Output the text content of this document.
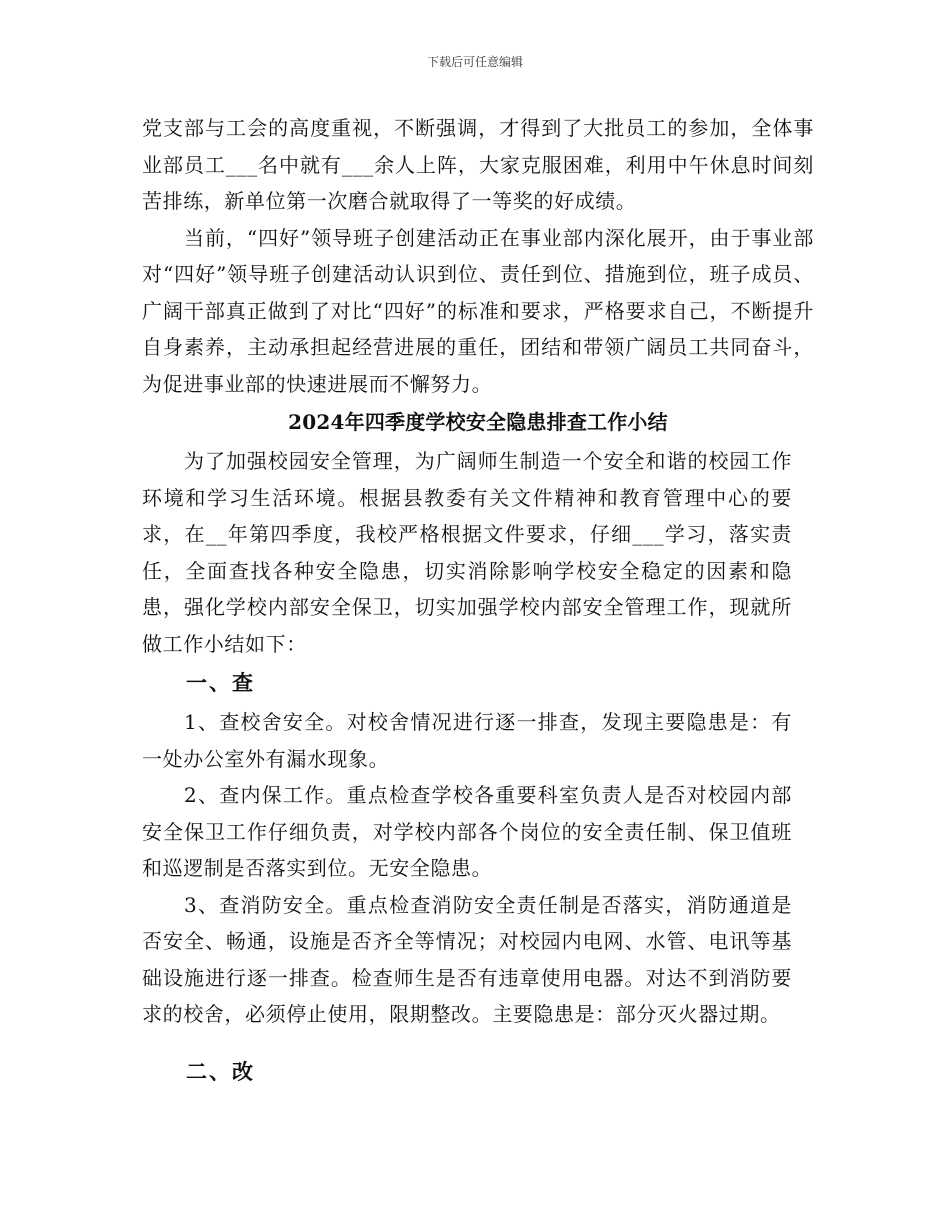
下载后可任意编辑

党支部与工会的高度重视，不断强调，才得到了大批员工的参加，全体事业部员工___名中就有___余人上阵，大家克服困难，利用中午休息时间刻苦排练，新单位第一次磨合就取得了一等奖的好成绩。

当前，“四好”领导班子创建活动正在事业部内深化展开，由于事业部对“四好”领导班子创建活动认识到位、责任到位、措施到位，班子成员、广阔干部真正做到了对比“四好”的标准和要求，严格要求自己，不断提升自身素养，主动承担起经营进展的重任，团结和带领广阔员工共同奋斗，为促进事业部的快速进展而不懈努力。

2024年四季度学校安全隐患排查工作小结

为了加强校园安全管理，为广阔师生制造一个安全和谐的校园工作环境和学习生活环境。根据县教委有关文件精神和教育管理中心的要求，在__年第四季度，我校严格根据文件要求，仔细___学习，落实责任，全面查找各种安全隐患，切实消除影响学校安全稳定的因素和隐患，强化学校内部安全保卫，切实加强学校内部安全管理工作，现就所做工作小结如下：

一、查

1、查校舍安全。对校舍情况进行逐一排查，发现主要隐患是：有一处办公室外有漏水现象。

2、查内保工作。重点检查学校各重要科室负责人是否对校园内部安全保卫工作仔细负责，对学校内部各个岗位的安全责任制、保卫值班和巡逻制是否落实到位。无安全隐患。

3、查消防安全。重点检查消防安全责任制是否落实，消防通道是否安全、畅通，设施是否齐全等情况；对校园内电网、水管、电讯等基础设施进行逐一排查。检查师生是否有违章使用电器。对达不到消防要求的校舍，必须停止使用，限期整改。主要隐患是：部分灭火器过期。

二、改
